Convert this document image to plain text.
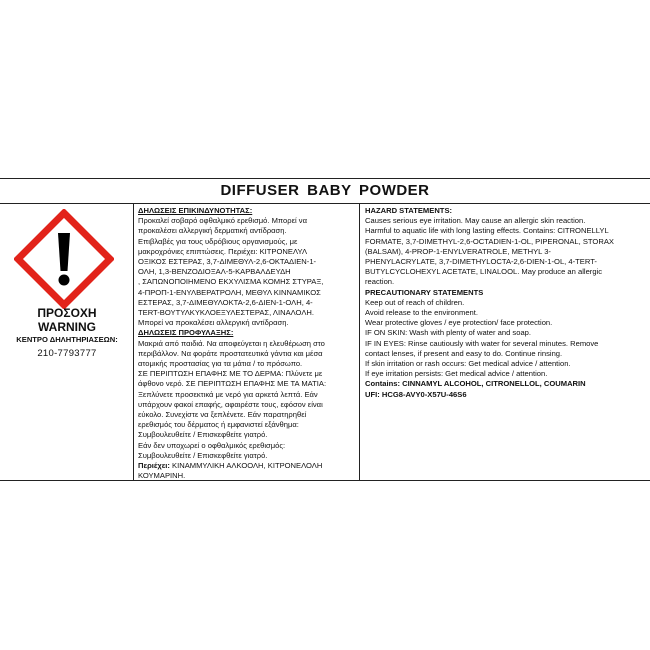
DIFFUSER BABY POWDER
ΠΡΟΣΟΧΗ
WARNING
ΚΕΝΤΡΟ ΔΗΛΗΤΗΡΙΑΣΕΩΝ:
210-7793777

ΔΗΛΩΣΕΙΣ ΕΠΙΚΙΝΔΥΝΟΤΗΤΑΣ:

Προκαλεί σοβαρό οφθαλμικό ερεθισμό. Μπορεί να

προκαλέσει αλλεργική δερματική αντίδραση.

Επιβλαβές για τους υδρόβιους οργανισμούς, με

μακροχρόνιες επιπτώσεις. Περιέχει: ΚΙΤΡΟΝΕΛΥΛ

ΟΞΙΚΟΣ ΕΣΤΕΡΑΣ, 3,7-ΔΙΜΕΘΥΛ-2,6-ΟΚΤΑΔΙΕΝ-1-

ΟΛΗ, 1,3-ΒΕΝΖΟΔΙΟΞΑΛ-5-ΚΑΡΒΑΛΔΕΥΔΗ

, ΣΑΠΩΝΟΠΟΙΗΜΕΝΟ ΕΚΧΥΛΙΣΜΑ ΚΟΜΗΣ ΣΤΥΡΑΞ,

4-ΠΡΟΠ-1-ΕΝΥΛΒΕΡΑΤΡΟΛΗ, ΜΕΘΥΛ ΚΙΝΝΑΜΙΚΟΣ

ΕΣΤΕΡΑΣ, 3,7-ΔΙΜΕΘΥΛΟΚΤΑ-2,6-ΔΙΕΝ-1-ΟΛΗ, 4-

TERT-ΒΟΥΤΥΛΚΥΚΛΟΕΞΥΛΕΣΤΕΡΑΣ, ΛΙΝΑΛΟΛΗ.

Μπορεί να προκαλέσει αλλεργική αντίδραση.

ΔΗΛΩΣΕΙΣ ΠΡΟΦΥΛΑΞΗΣ:

Μακριά από παιδιά. Να αποφεύγεται η ελευθέρωση στο

περιβάλλον. Να φοράτε προστατευτικά γάντια και μέσα

ατομικής προστασίας για τα μάτια / το πρόσωπο.

ΣΕ ΠΕΡΙΠΤΩΣΗ ΕΠΑΦΗΣ ΜΕ ΤΟ ΔΕΡΜΑ: Πλύνετε με

άφθονο νερό. ΣΕ ΠΕΡΙΠΤΩΣΗ ΕΠΑΦΗΣ ΜΕ ΤΑ ΜΑΤΙΑ:

Ξεπλύνετε προσεκτικά με νερό για αρκετά λεπτά. Εάν

υπάρχουν φακοί επαφής, αφαιρέστε τους, εφόσον είναι

εύκολο. Συνεχίστε να ξεπλένετε. Εάν παρατηρηθεί

ερεθισμός του δέρματος ή εμφανιστεί εξάνθημα:

Συμβουλευθείτε / Επισκεφθείτε γιατρό.

Εάν δεν υποχωρεί ο οφθαλμικός ερεθισμός:

Συμβουλευθείτε / Επισκεφθείτε γιατρό.

Περιέχει: ΚΙΝΑΜΜΥΛΙΚΗ ΑΛΚΟΟΛΗ, ΚΙΤΡΟΝΕΛΟΛΗ

ΚΟΥΜΑΡΙΝΗ.

HAZARD STATEMENTS:

Causes serious eye irritation. May cause an allergic skin reaction.

Harmful to aquatic life with long lasting effects. Contains: CITRONELLYL

FORMATE, 3,7-DIMETHYL-2,6-OCTADIEN-1-OL, PIPERONAL, STORAX

(BALSAM), 4-PROP-1-ENYLVERATROLE, METHYL 3-

PHENYLACRYLATE, 3,7-DIMETHYLOCTA-2,6-DIEN-1-OL, 4-TERT-

BUTYLCYCLOHEXYL ACETATE, LINALOOL. May produce an allergic

reaction.

PRECAUTIONARY STATEMENTS

Keep out of reach of children.

Avoid release to the environment.

Wear protective gloves / eye protection/ face protection.

IF ON SKIN: Wash with plenty of water and soap.

IF IN EYES: Rinse cautiously with water for several minutes. Remove

contact lenses, if present and easy to do. Continue rinsing.

If skin irritation or rash occurs: Get medical advice / attention.

If eye irritation persists: Get medical advice / attention.

Contains: CINNAMYL ALCOHOL, CITRONELLOL, COUMARIN

UFI: HCG8-AVY0-X57U-46S6
